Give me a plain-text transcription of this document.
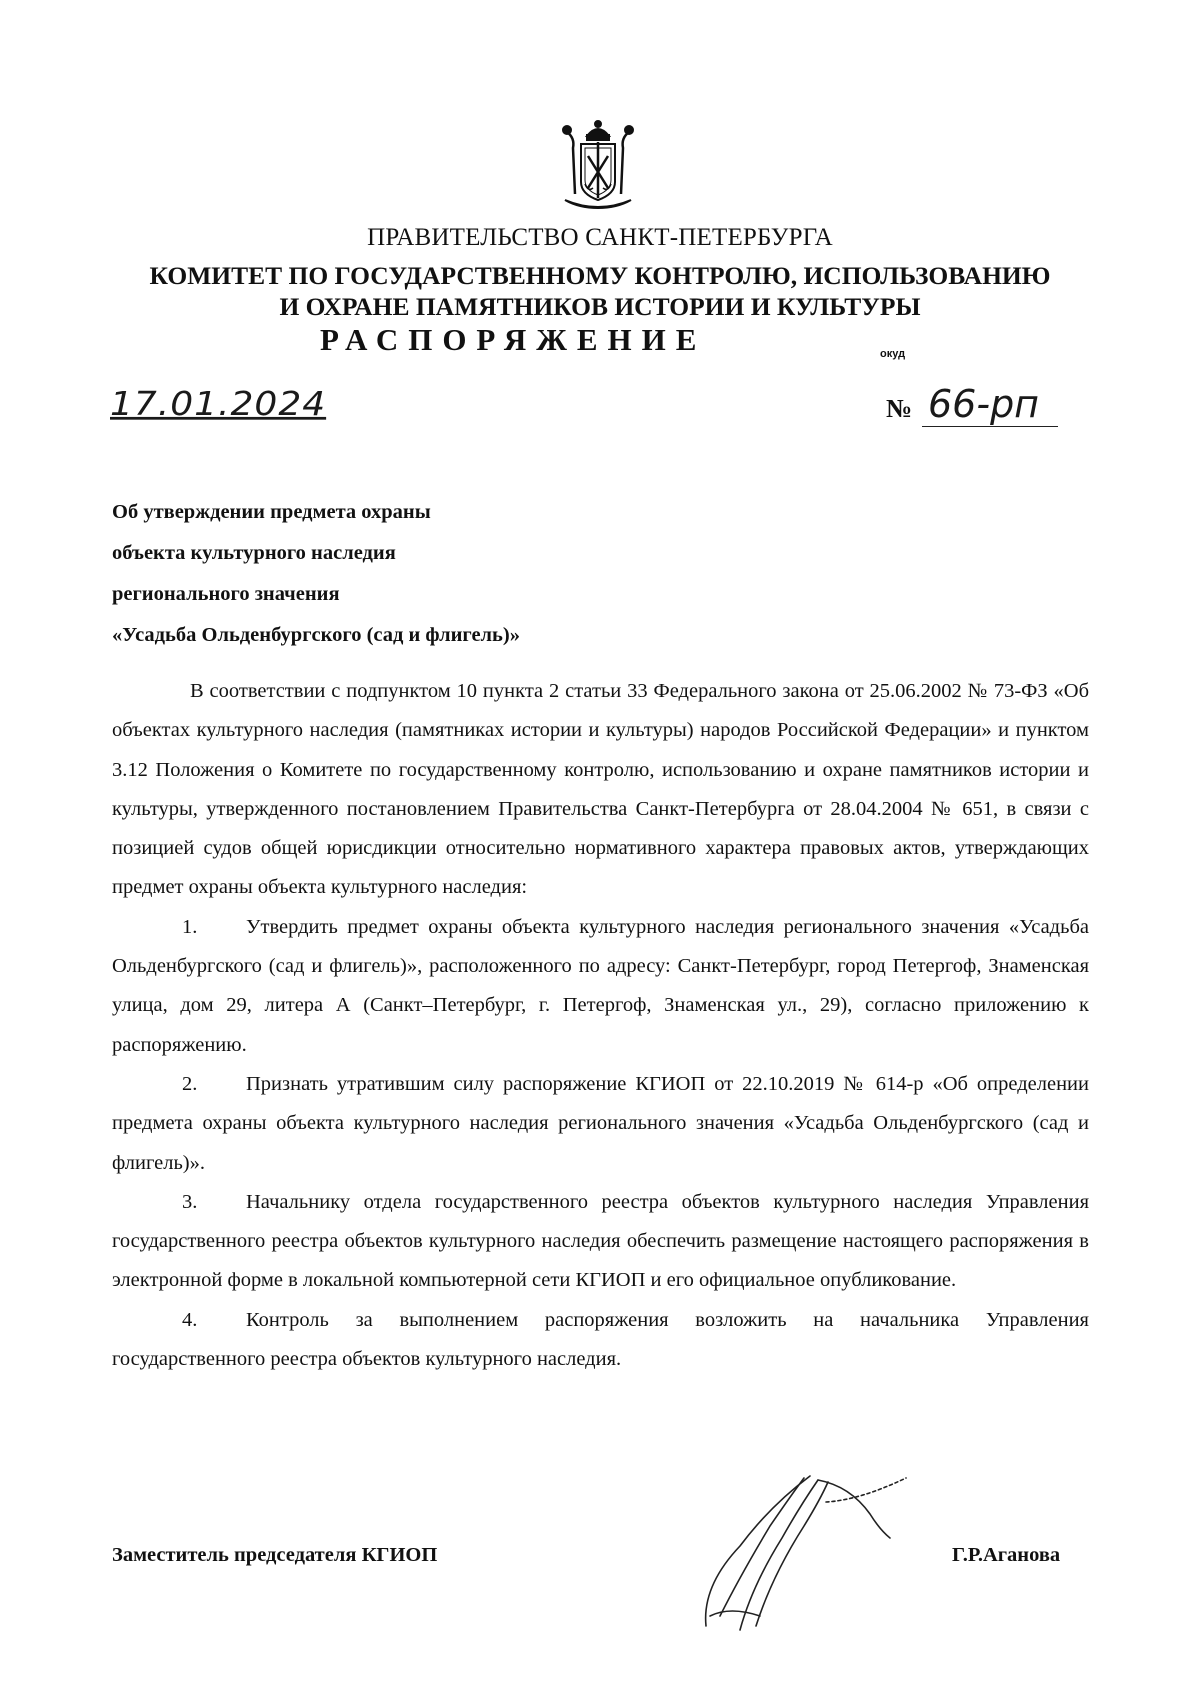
ПРАВИТЕЛЬСТВО САНКТ-ПЕТЕРБУРГА
КОМИТЕТ ПО ГОСУДАРСТВЕННОМУ КОНТРОЛЮ, ИСПОЛЬЗОВАНИЮ
И ОХРАНЕ ПАМЯТНИКОВ ИСТОРИИ И КУЛЬТУРЫ
РАСПОРЯЖЕНИЕ	окуд
17.01.2024	№ 66-рп
Об утверждении предмета охраны
объекта культурного наследия
регионального значения
«Усадьба Ольденбургского (сад и флигель)»

В соответствии с подпунктом 10 пункта 2 статьи 33 Федерального закона от 25.06.2002 № 73-ФЗ «Об объектах культурного наследия (памятниках истории и культуры) народов Российской Федерации» и пунктом 3.12 Положения о Комитете по государственному контролю, использованию и охране памятников истории и культуры, утвержденного постановлением Правительства Санкт-Петербурга от 28.04.2004 № 651, в связи с позицией судов общей юрисдикции относительно нормативного характера правовых актов, утверждающих предмет охраны объекта культурного наследия:

1. Утвердить предмет охраны объекта культурного наследия регионального значения «Усадьба Ольденбургского (сад и флигель)», расположенного по адресу: Санкт-Петербург, город Петергоф, Знаменская улица, дом 29, литера А (Санкт–Петербург, г. Петергоф, Знаменская ул., 29), согласно приложению к распоряжению.

2. Признать утратившим силу распоряжение КГИОП от 22.10.2019 № 614-р «Об определении предмета охраны объекта культурного наследия регионального значения «Усадьба Ольденбургского (сад и флигель)».

3. Начальнику отдела государственного реестра объектов культурного наследия Управления государственного реестра объектов культурного наследия обеспечить размещение настоящего распоряжения в электронной форме в локальной компьютерной сети КГИОП и его официальное опубликование.

4. Контроль за выполнением распоряжения возложить на начальника Управления государственного реестра объектов культурного наследия.

Заместитель председателя КГИОП	Г.Р.Аганова
